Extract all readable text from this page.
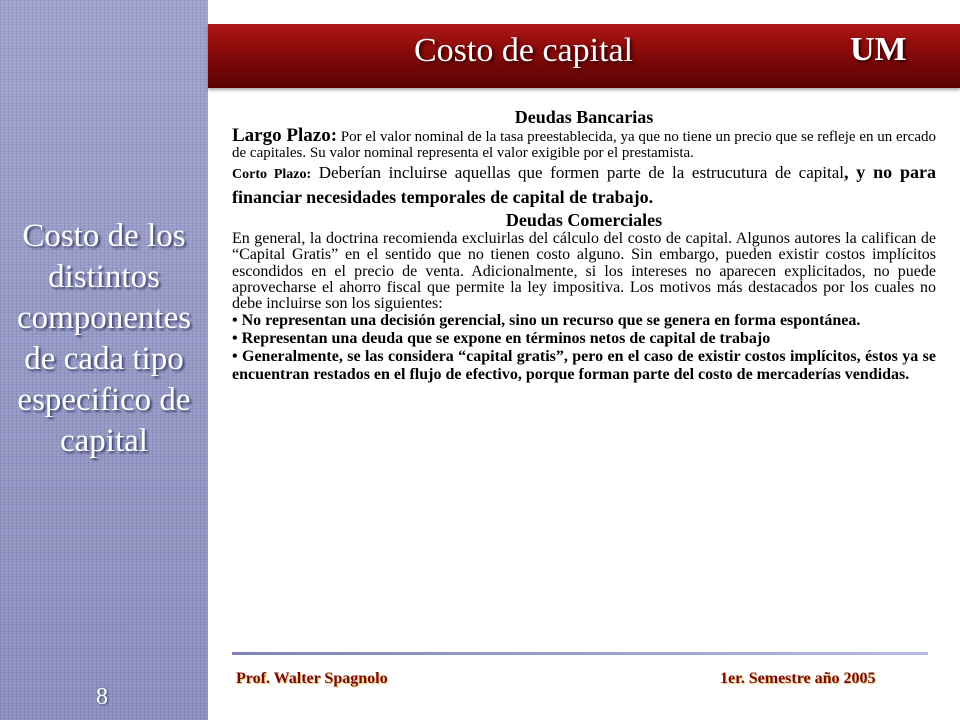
Costo de los
distintos
componentes
de cada tipo
especifico de
capital

8
Costo de capital	UM

Deudas Bancarias

Largo Plazo: Por el valor nominal de la tasa preestablecida, ya que no tiene un precio que se refleje en un ercado de capitales. Su valor nominal representa el valor exigible por el prestamista.

Corto Plazo: Deberían incluirse aquellas que formen parte de la estrucutura de capital, y no para financiar necesidades temporales de capital de trabajo.

Deudas Comerciales

En general, la doctrina recomienda excluirlas del cálculo del costo de capital. Algunos autores la califican de “Capital Gratis” en el sentido que no tienen costo alguno. Sin embargo, pueden existir costos implícitos escondidos en el precio de venta. Adicionalmente, si los intereses no aparecen explicitados, no puede aprovecharse el ahorro fiscal que permite la ley impositiva. Los motivos más destacados por los cuales no debe incluirse son los siguientes:

• No representan una decisión gerencial, sino un recurso que se genera en forma espontánea.

• Representan una deuda que se expone en términos netos de capital de trabajo

• Generalmente, se las considera “capital gratis”, pero en el caso de existir costos implícitos, éstos ya se encuentran restados en el flujo de efectivo, porque forman parte del costo de mercaderías vendidas.

Prof. Walter Spagnolo	1er. Semestre año 2005
